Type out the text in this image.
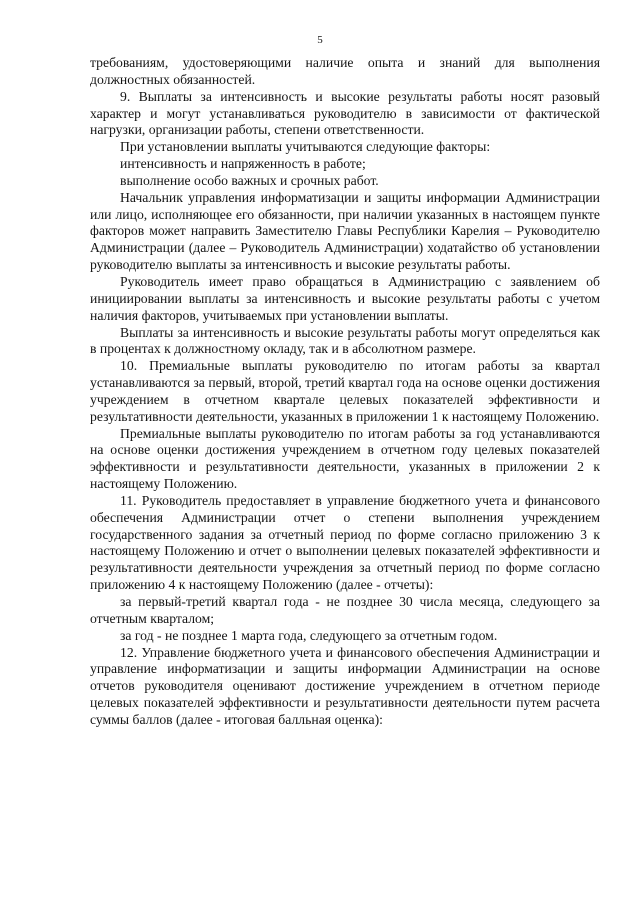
5

требованиям, удостоверяющими наличие опыта и знаний для выполнения должностных обязанностей.

9. Выплаты за интенсивность и высокие результаты работы носят разовый характер и могут устанавливаться руководителю в зависимости от фактической нагрузки, организации работы, степени ответственности.

При установлении выплаты учитываются следующие факторы:

интенсивность и напряженность в работе;

выполнение особо важных и срочных работ.

Начальник управления информатизации и защиты информации Администрации или лицо, исполняющее его обязанности, при наличии указанных в настоящем пункте факторов может направить Заместителю Главы Республики Карелия – Руководителю Администрации (далее – Руководитель Администрации) ходатайство об установлении руководителю выплаты за интенсивность и высокие результаты работы.

Руководитель имеет право обращаться в Администрацию с заявлением об инициировании выплаты за интенсивность и высокие результаты работы с учетом наличия факторов, учитываемых при установлении выплаты.

Выплаты за интенсивность и высокие результаты работы могут определяться как в процентах к должностному окладу, так и в абсолютном размере.

10. Премиальные выплаты руководителю по итогам работы за квартал устанавливаются за первый, второй, третий квартал года на основе оценки достижения учреждением в отчетном квартале целевых показателей эффективности и результативности деятельности, указанных в приложении 1 к настоящему Положению.

Премиальные выплаты руководителю по итогам работы за год устанавливаются на основе оценки достижения учреждением в отчетном году целевых показателей эффективности и результативности деятельности, указанных в приложении 2 к настоящему Положению.

11. Руководитель предоставляет в управление бюджетного учета и финансового обеспечения Администрации отчет о степени выполнения учреждением государственного задания за отчетный период по форме согласно приложению 3 к настоящему Положению и отчет о выполнении целевых показателей эффективности и результативности деятельности учреждения за отчетный период по форме согласно приложению 4 к настоящему Положению (далее - отчеты):

за первый-третий квартал года - не позднее 30 числа месяца, следующего за отчетным кварталом;

за год - не позднее 1 марта года, следующего за отчетным годом.

12. Управление бюджетного учета и финансового обеспечения Администрации и управление информатизации и защиты информации Администрации на основе отчетов руководителя оценивают достижение учреждением в отчетном периоде целевых показателей эффективности и результативности деятельности путем расчета суммы баллов (далее - итоговая балльная оценка):
